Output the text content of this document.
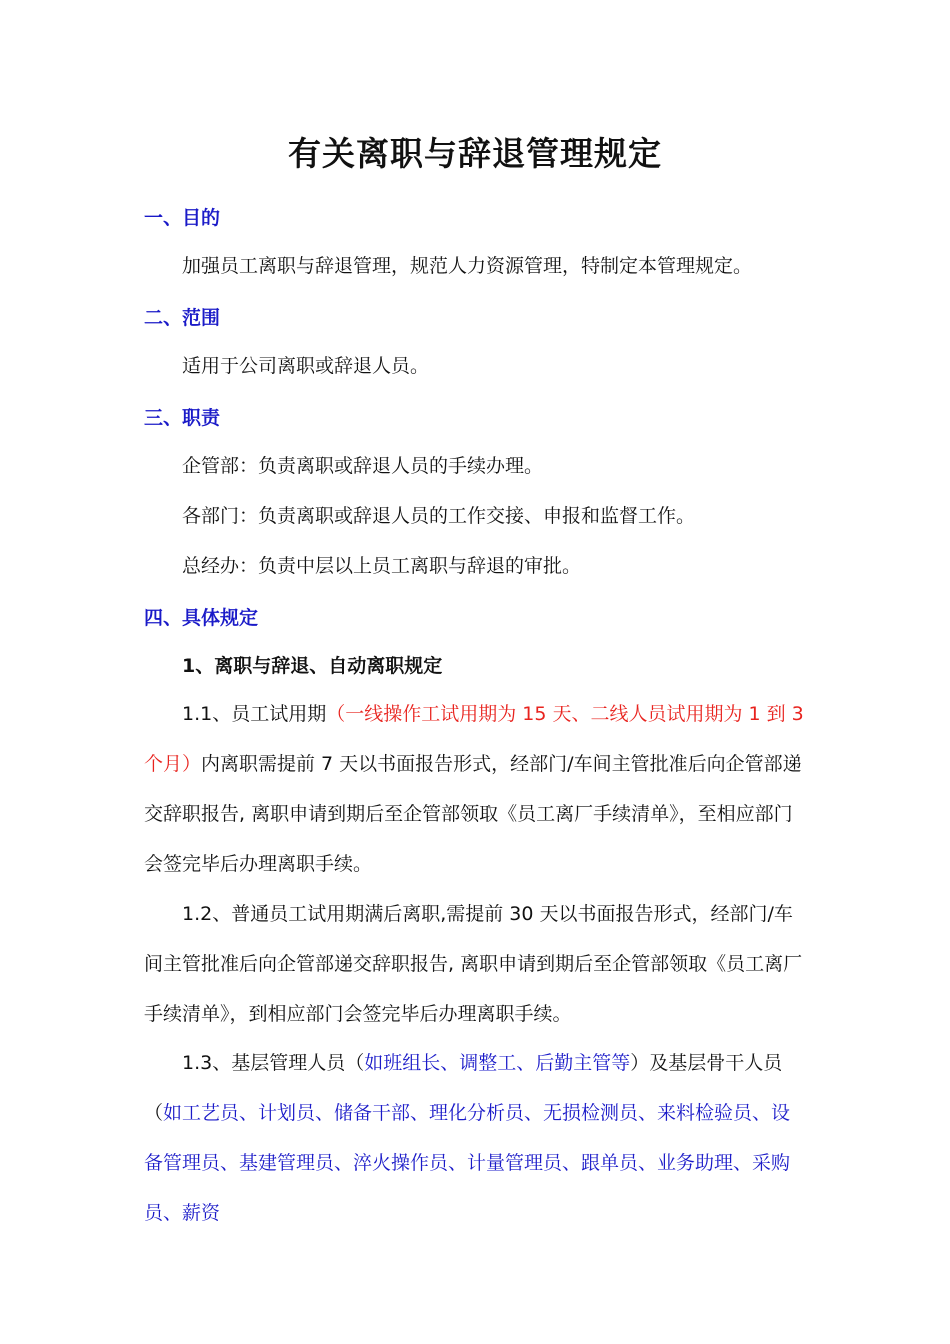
有关离职与辞退管理规定
一、目的
加强员工离职与辞退管理，规范人力资源管理，特制定本管理规定。
二、范围
适用于公司离职或辞退人员。
三、职责
企管部：负责离职或辞退人员的手续办理。
各部门：负责离职或辞退人员的工作交接、申报和监督工作。
总经办：负责中层以上员工离职与辞退的审批。
四、具体规定
1、离职与辞退、自动离职规定
1.1、员工试用期（一线操作工试用期为 15 天、二线人员试用期为 1 到 3 个月）内离职需提前 7 天以书面报告形式，经部门/车间主管批准后向企管部递交辞职报告, 离职申请到期后至企管部领取《员工离厂手续清单》，至相应部门会签完毕后办理离职手续。
1.2、普通员工试用期满后离职,需提前 30 天以书面报告形式，经部门/车间主管批准后向企管部递交辞职报告, 离职申请到期后至企管部领取《员工离厂手续清单》，到相应部门会签完毕后办理离职手续。
1.3、基层管理人员（如班组长、调整工、后勤主管等）及基层骨干人员（如工艺员、计划员、储备干部、理化分析员、无损检测员、来料检验员、设备管理员、基建管理员、淬火操作员、计量管理员、跟单员、业务助理、采购员、薪资
